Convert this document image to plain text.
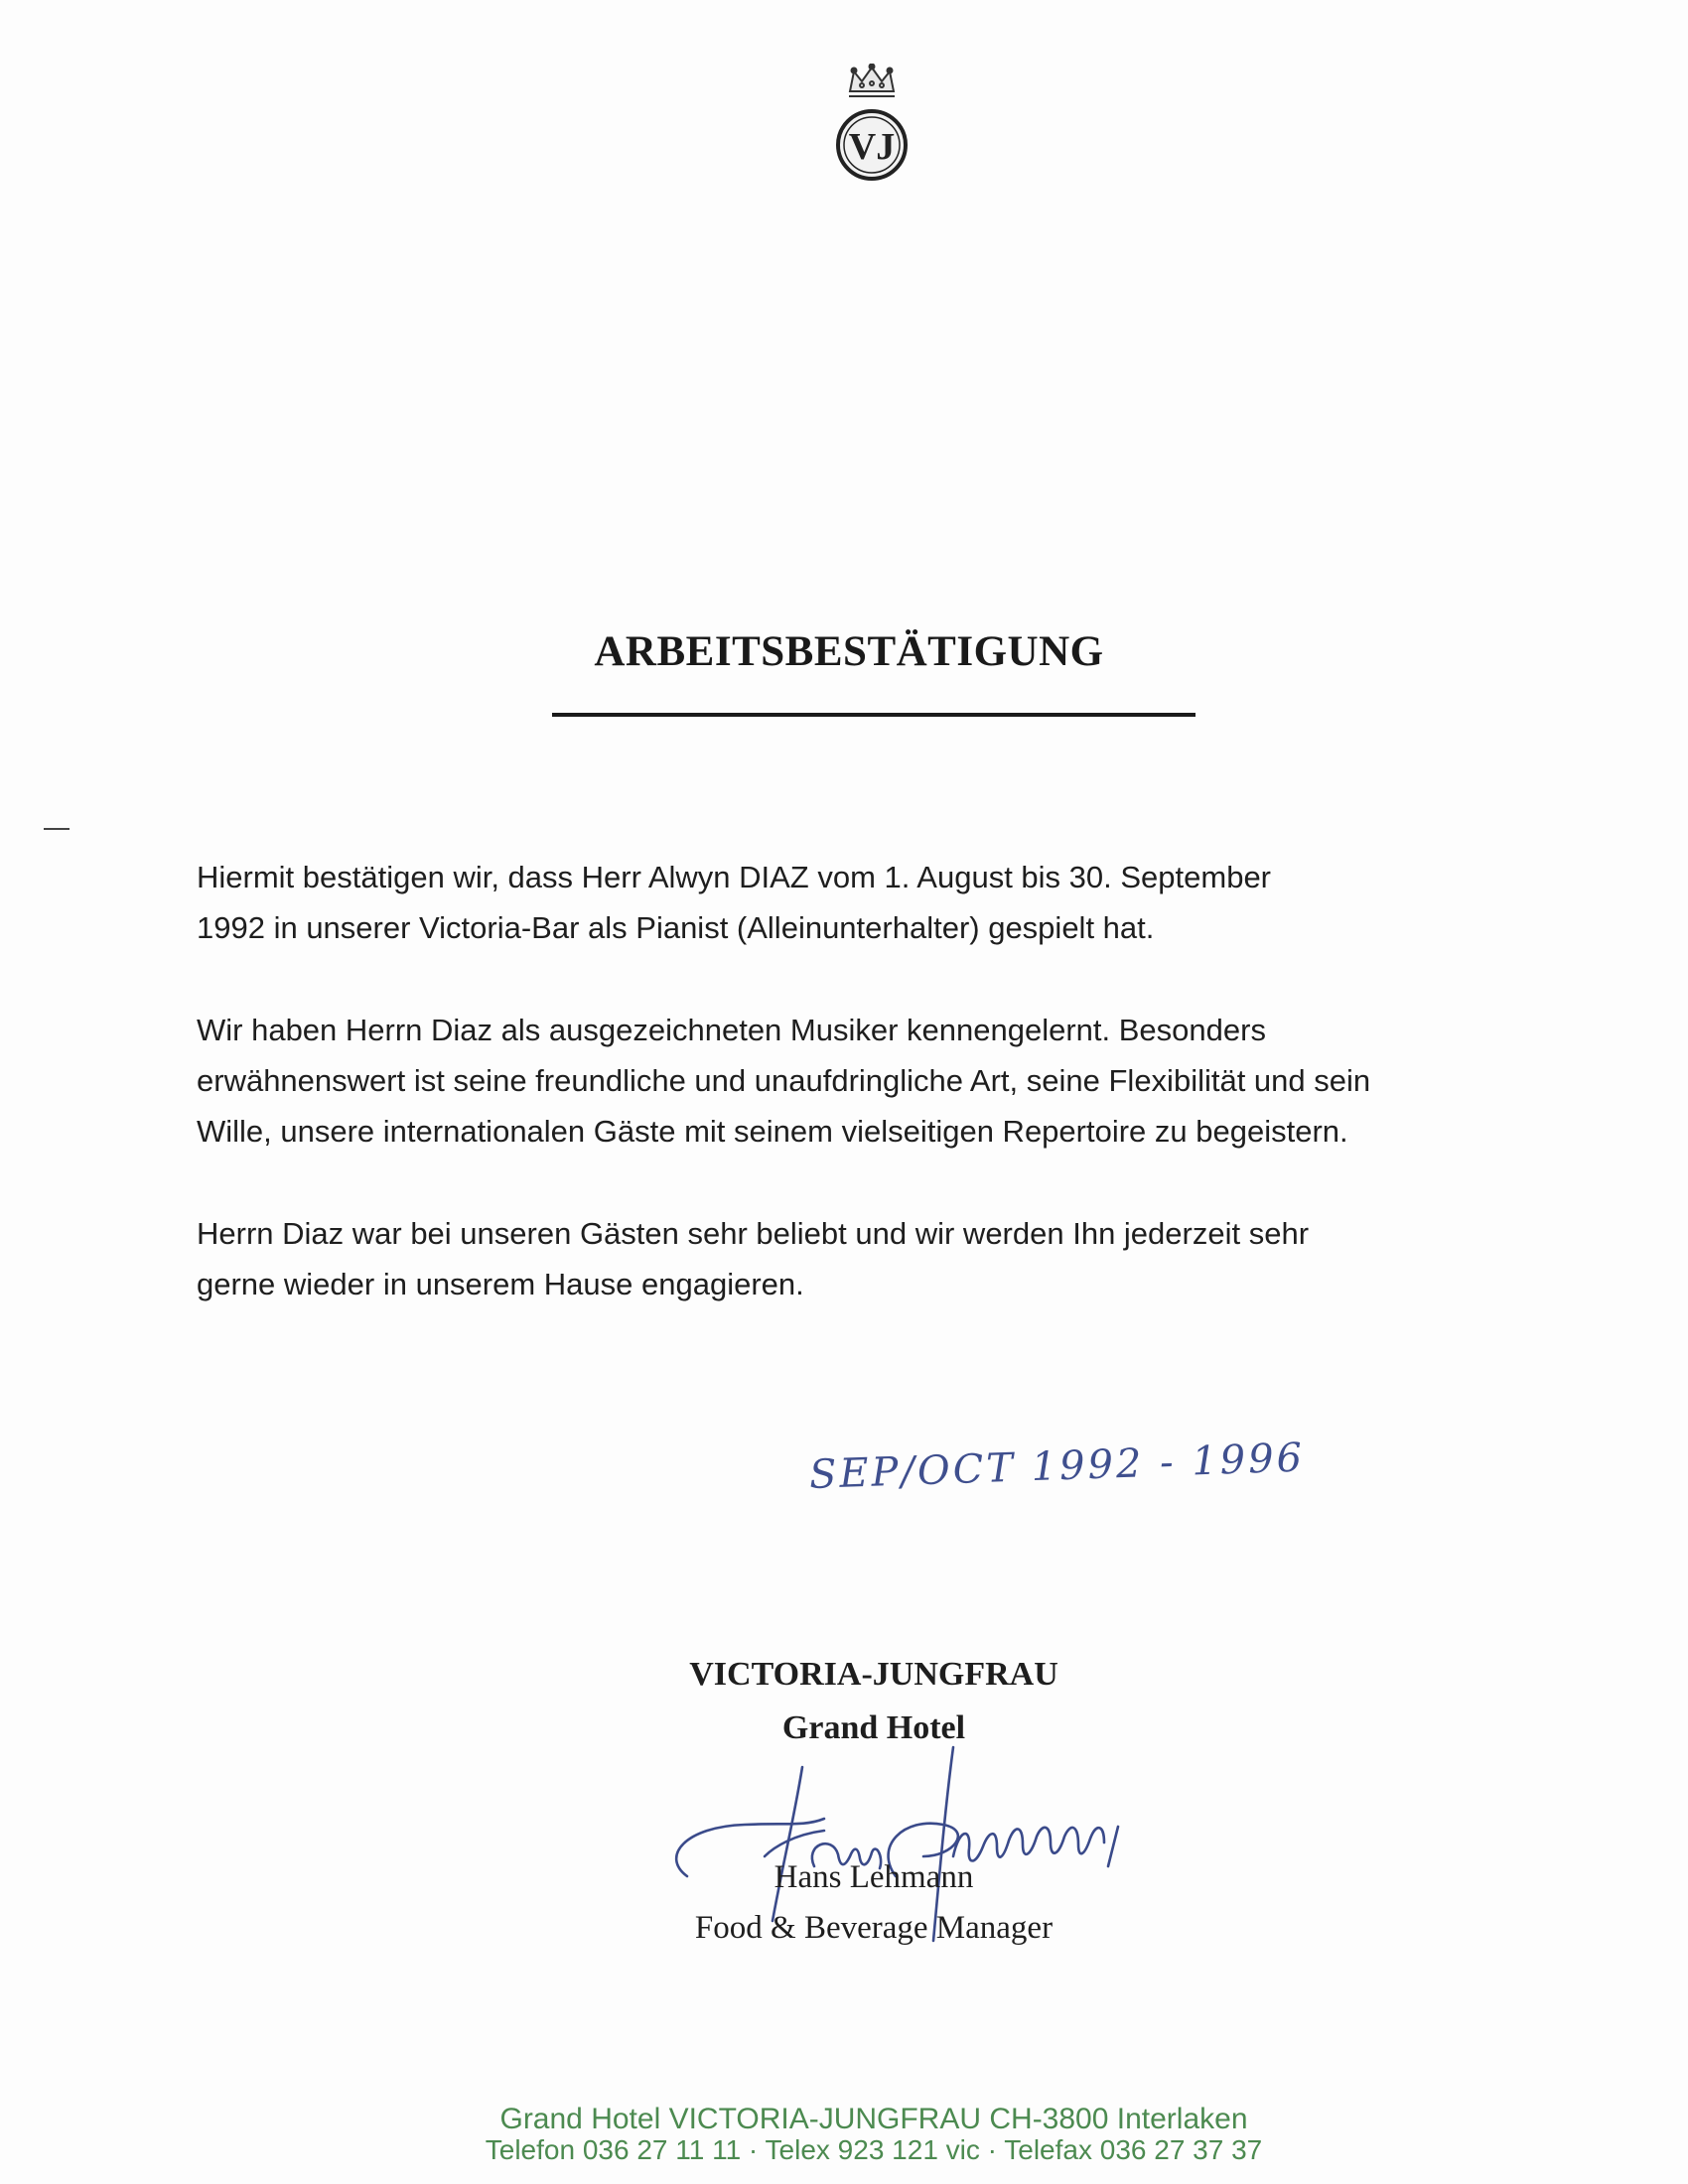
VJ
ARBEITSBESTÄTIGUNG

Hiermit bestätigen wir, dass Herr Alwyn DIAZ vom 1. August bis 30. September
1992 in unserer Victoria-Bar als Pianist (Alleinunterhalter) gespielt hat.

Wir haben Herrn Diaz als ausgezeichneten Musiker kennengelernt. Besonders
erwähnenswert ist seine freundliche und unaufdringliche Art, seine Flexibilität und sein
Wille, unsere internationalen Gäste mit seinem vielseitigen Repertoire zu begeistern.

Herrn Diaz war bei unseren Gästen sehr beliebt und wir werden Ihn jederzeit sehr
gerne wieder in unserem Hause engagieren.

SEP/OCT 1992 - 1996
VICTORIA-JUNGFRAU
Grand Hotel
Hans Lehmann
Food & Beverage Manager
Grand Hotel VICTORIA-JUNGFRAU CH-3800 Interlaken
Telefon 036 27 11 11 · Telex 923 121 vic · Telefax 036 27 37 37
